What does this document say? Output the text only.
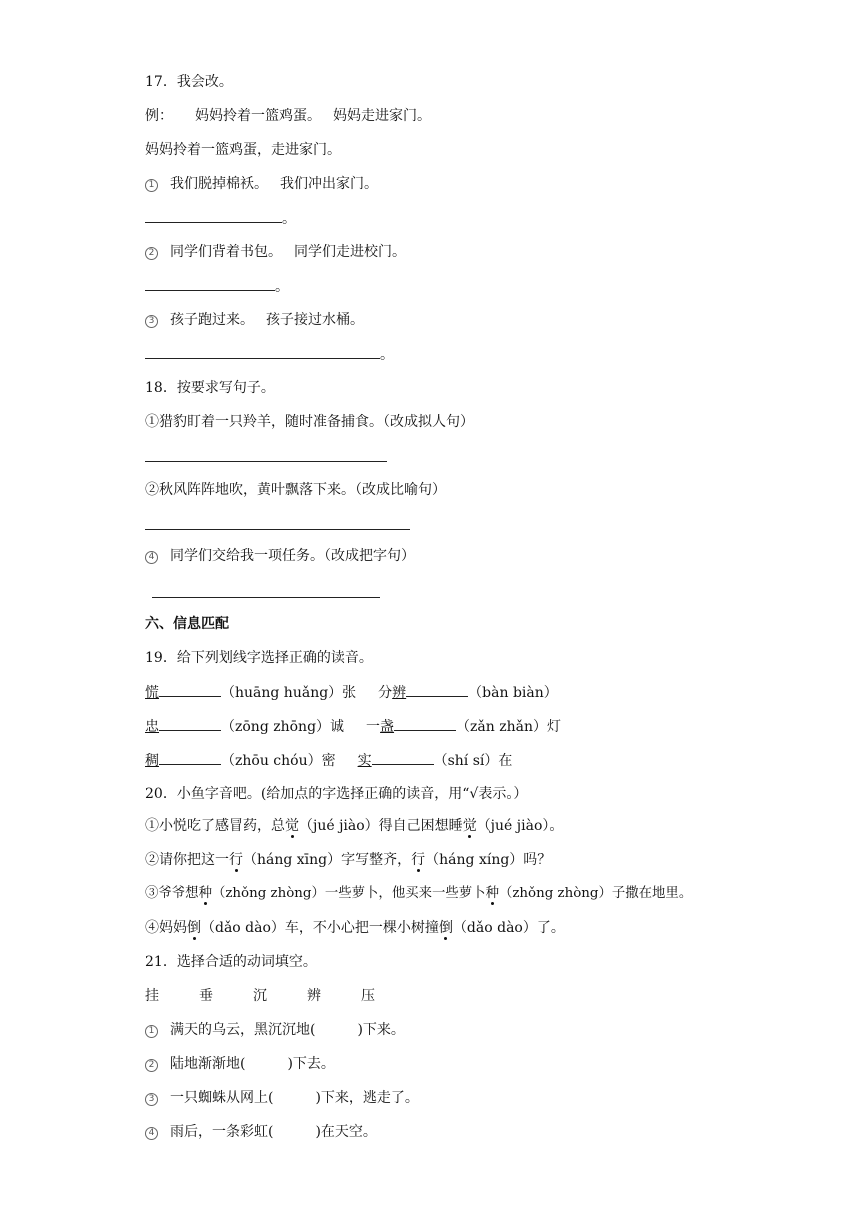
17．我会改。
例： 妈妈拎着一篮鸡蛋。 妈妈走进家门。
妈妈拎着一篮鸡蛋，走进家门。
1 我们脱掉棉袄。 我们冲出家门。
。
2 同学们背着书包。 同学们走进校门。
。
3 孩子跑过来。 孩子接过水桶。
。
18．按要求写句子。
①猎豹盯着一只羚羊，随时准备捕食。（改成拟人句）
②秋风阵阵地吹，黄叶飘落下来。（改成比喻句）
4 同学们交给我一项任务。（改成把字句）
六、信息匹配
19．给下列划线字选择正确的读音。
慌	（huāng huǎng）张 分辨	（bàn biàn）
忠	（zōng zhōng）诚 一盏	（zǎn zhǎn）灯
稠	（zhōu chóu）密 实	（shí sí）在
20．小鱼字音吧。(给加点的字选择正确的读音，用“√表示。）
①小悦吃了感冒药，总觉（jué jiào）得自己困想睡觉（jué jiào）。
②请你把这一行（háng xīng）字写整齐，行（háng xíng）吗？
③爷爷想种（zhǒng zhòng）一些萝卜，他买来一些萝卜种（zhǒng zhòng）子撒在地里。
④妈妈倒（dǎo dào）车，不小心把一棵小树撞倒（dǎo dào）了。
21．选择合适的动词填空。
挂	垂	沉	辨	压
1 满天的乌云，黑沉沉地(	)下来。
2 陆地渐渐地(	)下去。
3 一只蜘蛛从网上(	)下来，逃走了。
4 雨后，一条彩虹(	)在天空。
